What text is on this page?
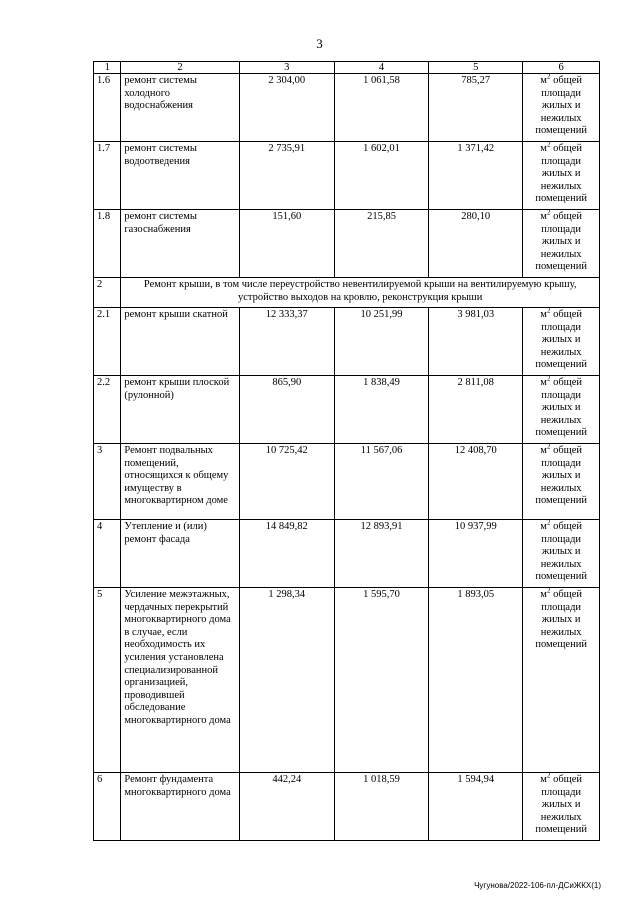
3
1	2	3	4	5	6
1.6	ремонт системы холодного водоснабжения	2 304,00	1 061,58	785,27	$м^2$ общей площади жилых и нежилых помещений
1.7	ремонт системы водоотведения	2 735,91	1 602,01	1 371,42	$м^2$ общей площади жилых и нежилых помещений
1.8	ремонт системы газоснабжения	151,60	215,85	280,10	$м^2$ общей площади жилых и нежилых помещений
2	Ремонт крыши, в том числе переустройство невентилируемой крыши на вентилируемую крышу, устройство выходов на кровлю, реконструкция крыши				
2.1	ремонт крыши скатной	12 333,37	10 251,99	3 981,03	$м^2$ общей площади жилых и нежилых помещений
2.2	ремонт крыши плоской (рулонной)	865,90	1 838,49	2 811,08	$м^2$ общей площади жилых и нежилых помещений
3	Ремонт подвальных помещений, относящихся к общему имуществу в многоквартирном доме	10 725,42	11 567,06	12 408,70	$м^2$ общей площади жилых и нежилых помещений
4	Утепление и (или) ремонт фасада	14 849,82	12 893,91	10 937,99	$м^2$ общей площади жилых и нежилых помещений
5	Усиление межэтажных, чердачных перекрытий многоквартирного дома в случае, если необходимость их усиления установлена специализированной организацией, проводившей обследование многоквартирного дома	1 298,34	1 595,70	1 893,05	$м^2$ общей площади жилых и нежилых помещений
6	Ремонт фундамента многоквартирного дома	442,24	1 018,59	1 594,94	$м^2$ общей площади жилых и нежилых помещений
Чугунова/2022-106-пл-ДСиЖКХ(1)
